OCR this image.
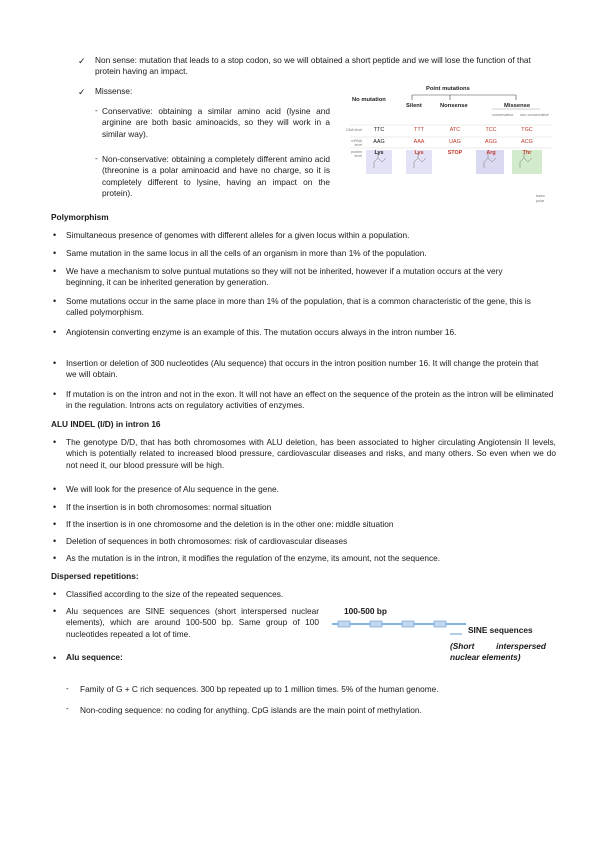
✓ Non sense: mutation that leads to a stop codon, so we will obtained a short peptide and we will lose the function of that protein having an impact.
✓ Missense:
- Conservative: obtaining a similar amino acid (lysine and arginine are both basic aminoacids, so they will work in a similar way).
- Non-conservative: obtaining a completely different amino acid (threonine is a polar aminoacid and have no charge, so it is completely different to lysine, having an impact on the protein).
Point mutations
No mutation
Silent	Nonsense	Missense
conservative non-conservative
DNA level
mRNA level
protein level
TTC	TTT	ATC	TCC	TGC
AAG	AAA	UAG	AGG	ACG
Lys	Lys	STOP	Arg	Thr
basic
polar
Polymorphism
• Simultaneous presence of genomes with different alleles for a given locus within a population.
• Same mutation in the same locus in all the cells of an organism in more than 1% of the population.
• We have a mechanism to solve puntual mutations so they will not be inherited, however if a mutation occurs at the very beginning, it can be inherited generation by generation.
• Some mutations occur in the same place in more than 1% of the population, that is a common characteristic of the gene, this is called polymorphism.
• Angiotensin converting enzyme is an example of this. The mutation occurs always in the intron number 16.
• Insertion or deletion of 300 nucleotides (Alu sequence) that occurs in the intron position number 16. It will change the protein that we will obtain.
• If mutation is on the intron and not in the exon. It will not have an effect on the sequence of the protein as the intron will be eliminated in the regulation. Introns acts on regulatory activities of enzymes.
ALU INDEL (I/D) in intron 16
• The genotype D/D, that has both chromosomes with ALU deletion, has been associated to higher circulating Angiotensin II levels, which is potentially related to increased blood pressure, cardiovascular diseases and risks, and many others. So even when we do not need it, our blood pressure will be high.
• We will look for the presence of Alu sequence in the gene.
• If the insertion is in both chromosomes: normal situation
• If the insertion is in one chromosome and the deletion is in the other one: middle situation
• Deletion of sequences in both chromosomes: risk of cardiovascular diseases
• As the mutation is in the intron, it modifies the regulation of the enzyme, its amount, not the sequence.
Dispersed repetitions:
• Classified according to the size of the repeated sequences.
• Alu sequences are SINE sequences (short interspersed nuclear elements), which are around 100-500 bp. Same group of 100 nucleotides repeated a lot of time.
• Alu sequence:
- Family of G + C rich sequences. 300 bp repeated up to 1 million times. 5% of the human genome.
- Non-coding sequence: no coding for anything. CpG islands are the main point of methylation.
100-500 bp
SINE sequences
(Short interspersed nuclear elements)
